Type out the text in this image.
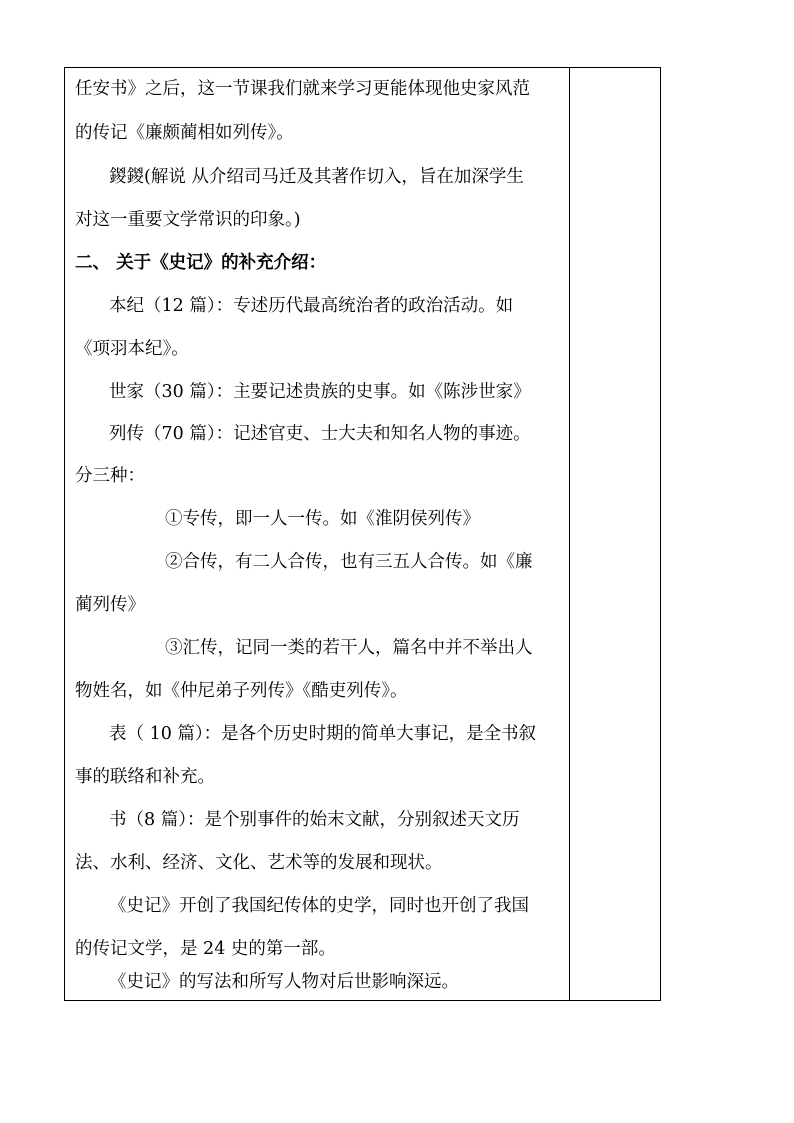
任安书》之后，这一节课我们就来学习更能体现他史家风范
的传记《廉颇蔺相如列传》。
鍐鍐(解说 从介绍司马迁及其著作切入，旨在加深学生
对这一重要文学常识的印象。)
二、 关于《史记》的补充介绍：
本纪（12 篇）：专述历代最高统治者的政治活动。如
《项羽本纪》。
世家（30 篇）：主要记述贵族的史事。如《陈涉世家》
列传（70 篇）：记述官吏、士大夫和知名人物的事迹。
分三种：
①专传，即一人一传。如《淮阴侯列传》
②合传，有二人合传，也有三五人合传。如《廉
蔺列传》
③汇传，记同一类的若干人，篇名中并不举出人
物姓名，如《仲尼弟子列传》《酷吏列传》。
表（ 10 篇）：是各个历史时期的简单大事记，是全书叙
事的联络和补充。
书（8 篇）：是个别事件的始末文献，分别叙述天文历
法、水利、经济、文化、艺术等的发展和现状。
《史记》开创了我国纪传体的史学，同时也开创了我国
的传记文学，是 24 史的第一部。
《史记》的写法和所写人物对后世影响深远。
